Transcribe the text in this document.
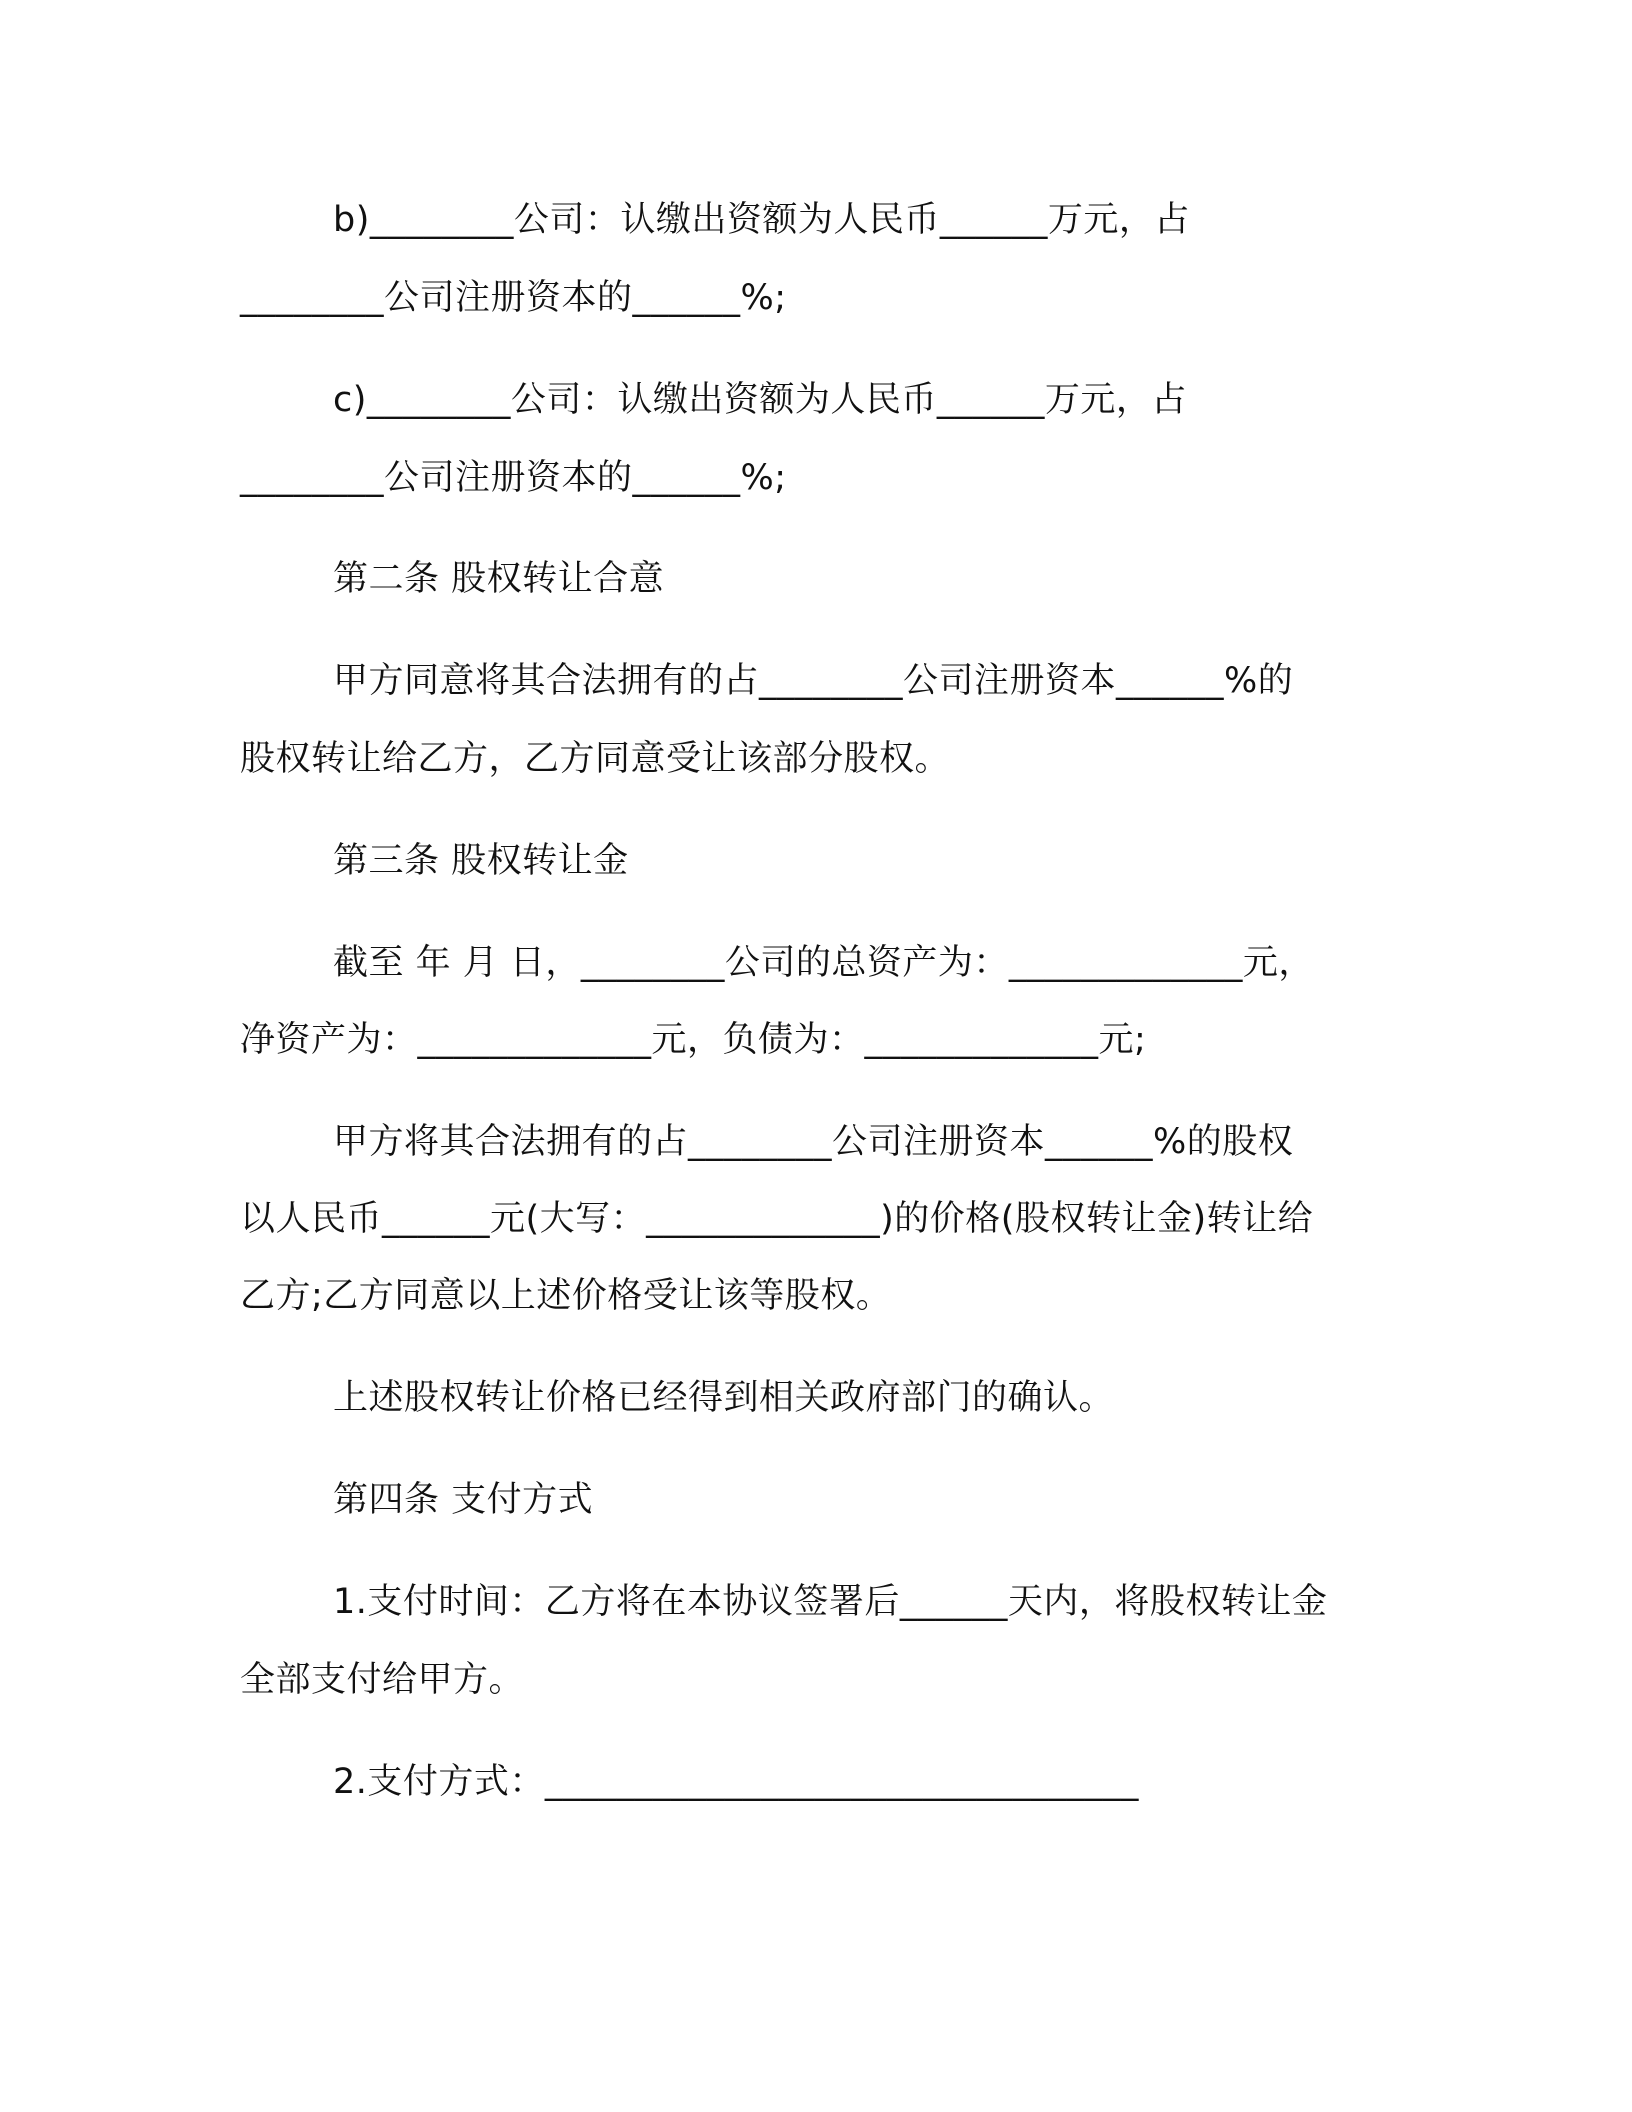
b)________公司：认缴出资额为人民币______万元，占
________公司注册资本的______%;
c)________公司：认缴出资额为人民币______万元，占
________公司注册资本的______%;
第二条 股权转让合意
甲方同意将其合法拥有的占________公司注册资本______%的
股权转让给乙方，乙方同意受让该部分股权。
第三条 股权转让金
截至 年 月 日，________公司的总资产为：_____________元，
净资产为：_____________元，负债为：_____________元;
甲方将其合法拥有的占________公司注册资本______%的股权
以人民币______元(大写：_____________)的价格(股权转让金)转让给
乙方;乙方同意以上述价格受让该等股权。
上述股权转让价格已经得到相关政府部门的确认。
第四条 支付方式
1.支付时间：乙方将在本协议签署后______天内，将股权转让金
全部支付给甲方。
2.支付方式：_________________________________
